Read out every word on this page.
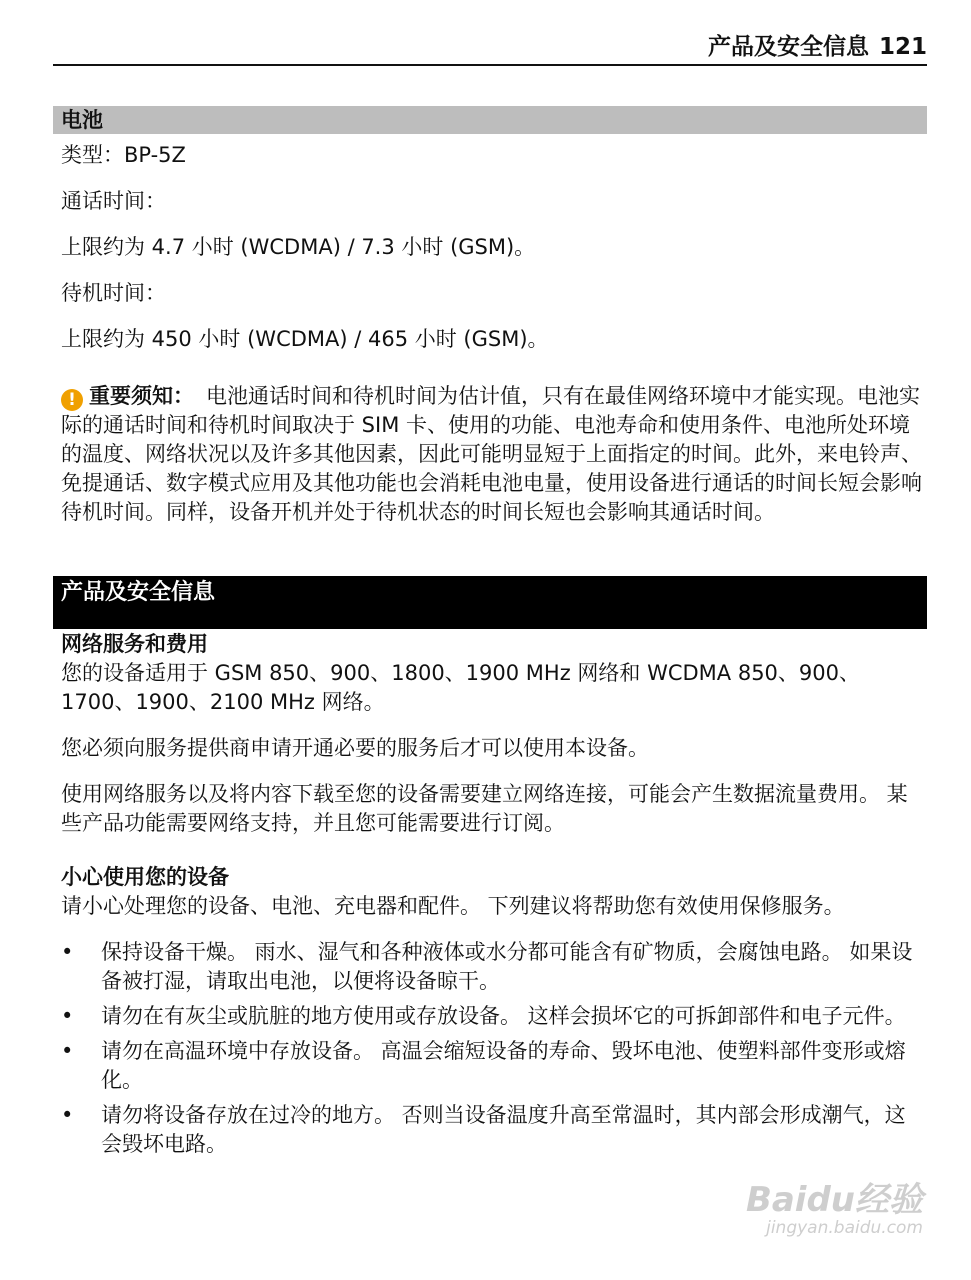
产品及安全信息 121
电池

类型：BP-5Z

通话时间：

上限约为 4.7 小时 (WCDMA) / 7.3 小时 (GSM)。

待机时间：

上限约为 450 小时 (WCDMA) / 465 小时 (GSM)。

! 重要须知： 电池通话时间和待机时间为估计值，只有在最佳网络环境中才能实现。电池实际的通话时间和待机时间取决于 SIM 卡、使用的功能、电池寿命和使用条件、电池所处环境的温度、网络状况以及许多其他因素，因此可能明显短于上面指定的时间。此外，来电铃声、免提通话、数字模式应用及其他功能也会消耗电池电量，使用设备进行通话的时间长短会影响待机时间。同样，设备开机并处于待机状态的时间长短也会影响其通话时间。

产品及安全信息

网络服务和费用

您的设备适用于 GSM 850、900、1800、1900 MHz 网络和 WCDMA 850、900、1700、1900、2100 MHz 网络。

您必须向服务提供商申请开通必要的服务后才可以使用本设备。

使用网络服务以及将内容下载至您的设备需要建立网络连接，可能会产生数据流量费用。 某些产品功能需要网络支持，并且您可能需要进行订阅。

小心使用您的设备

请小心处理您的设备、电池、充电器和配件。 下列建议将帮助您有效使用保修服务。

• 保持设备干燥。 雨水、湿气和各种液体或水分都可能含有矿物质，会腐蚀电路。 如果设备被打湿，请取出电池，以便将设备晾干。
• 请勿在有灰尘或肮脏的地方使用或存放设备。 这样会损坏它的可拆卸部件和电子元件。
• 请勿在高温环境中存放设备。 高温会缩短设备的寿命、毁坏电池、使塑料部件变形或熔化。
• 请勿将设备存放在过冷的地方。 否则当设备温度升高至常温时，其内部会形成潮气，这会毁坏电路。
Baidu经验
jingyan.baidu.com
